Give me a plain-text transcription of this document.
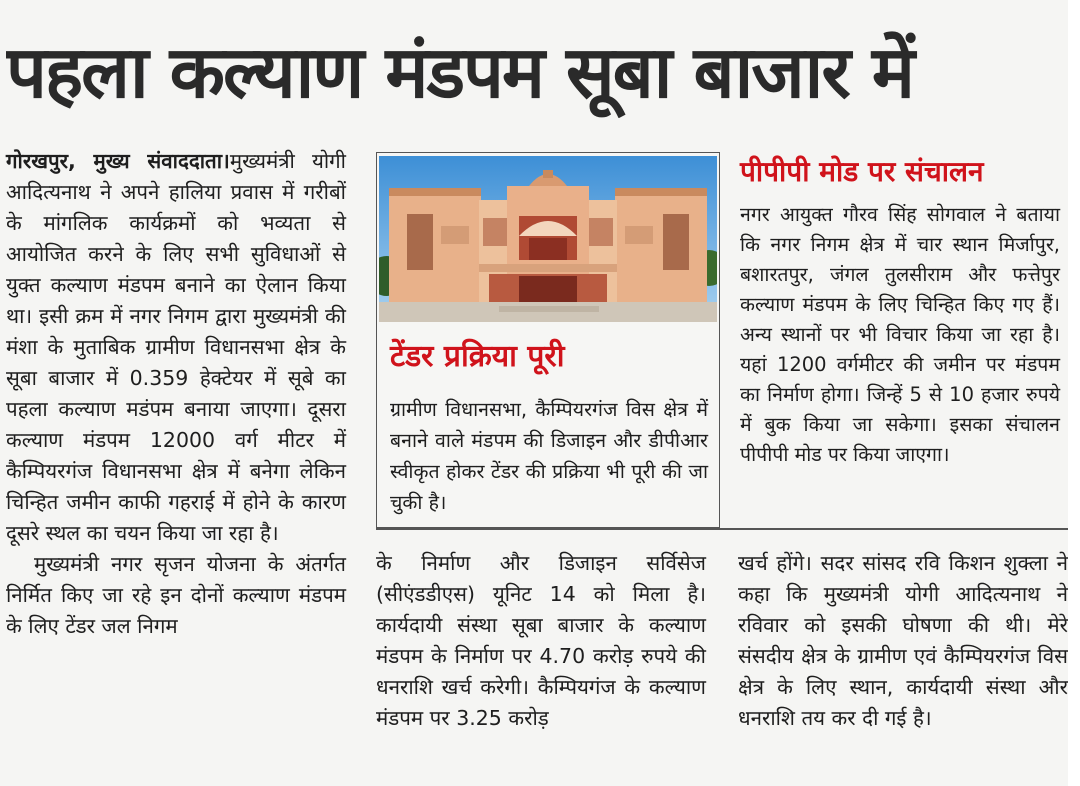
पहला कल्याण मंडपम सूबा बाजार में

गोरखपुर, मुख्य संवाददाता।मुख्यमंत्री योगी आदित्यनाथ ने अपने हालिया प्रवास में गरीबों के मांगलिक कार्यक्रमों को भव्यता से आयोजित करने के लिए सभी सुविधाओं से युक्त कल्याण मंडपम बनाने का ऐलान किया था। इसी क्रम में नगर निगम द्वारा मुख्यमंत्री की मंशा के मुताबिक ग्रामीण विधानसभा क्षेत्र के सूबा बाजार में 0.359 हेक्टेयर में सूबे का पहला कल्याण मडंपम बनाया जाएगा। दूसरा कल्याण मंडपम 12000 वर्ग मीटर में कैम्पियरगंज विधानसभा क्षेत्र में बनेगा लेकिन चिन्हित जमीन काफी गहराई में होने के कारण दूसरे स्थल का चयन किया जा रहा है।

मुख्यमंत्री नगर सृजन योजना के अंतर्गत निर्मित किए जा रहे इन दोनों कल्याण मंडपम के लिए टेंडर जल निगम

टेंडर प्रक्रिया पूरी
ग्रामीण विधानसभा, कैम्पियरगंज विस क्षेत्र में बनाने वाले मंडपम की डिजाइन और डीपीआर स्वीकृत होकर टेंडर की प्रक्रिया भी पूरी की जा चुकी है।
पीपीपी मोड पर संचालन
नगर आयुक्त गौरव सिंह सोगवाल ने बताया कि नगर निगम क्षेत्र में चार स्थान मिर्जापुर, बशारतपुर, जंगल तुलसीराम और फत्तेपुर कल्याण मंडपम के लिए चिन्हित किए गए हैं। अन्य स्थानों पर भी विचार किया जा रहा है। यहां 1200 वर्गमीटर की जमीन पर मंडपम का निर्माण होगा। जिन्हें 5 से 10 हजार रुपये में बुक किया जा सकेगा। इसका संचालन पीपीपी मोड पर किया जाएगा।
के निर्माण और डिजाइन सर्विसेज (सीएंडडीएस) यूनिट 14 को मिला है। कार्यदायी संस्था सूबा बाजार के कल्याण मंडपम के निर्माण पर 4.70 करोड़ रुपये की धनराशि खर्च करेगी। कैम्पियगंज के कल्याण मंडपम पर 3.25 करोड़
खर्च होंगे। सदर सांसद रवि किशन शुक्ला ने कहा कि मुख्यमंत्री योगी आदित्यनाथ ने रविवार को इसकी घोषणा की थी। मेरे संसदीय क्षेत्र के ग्रामीण एवं कैम्पियरगंज विस क्षेत्र के लिए स्थान, कार्यदायी संस्था और धनराशि तय कर दी गई है।
